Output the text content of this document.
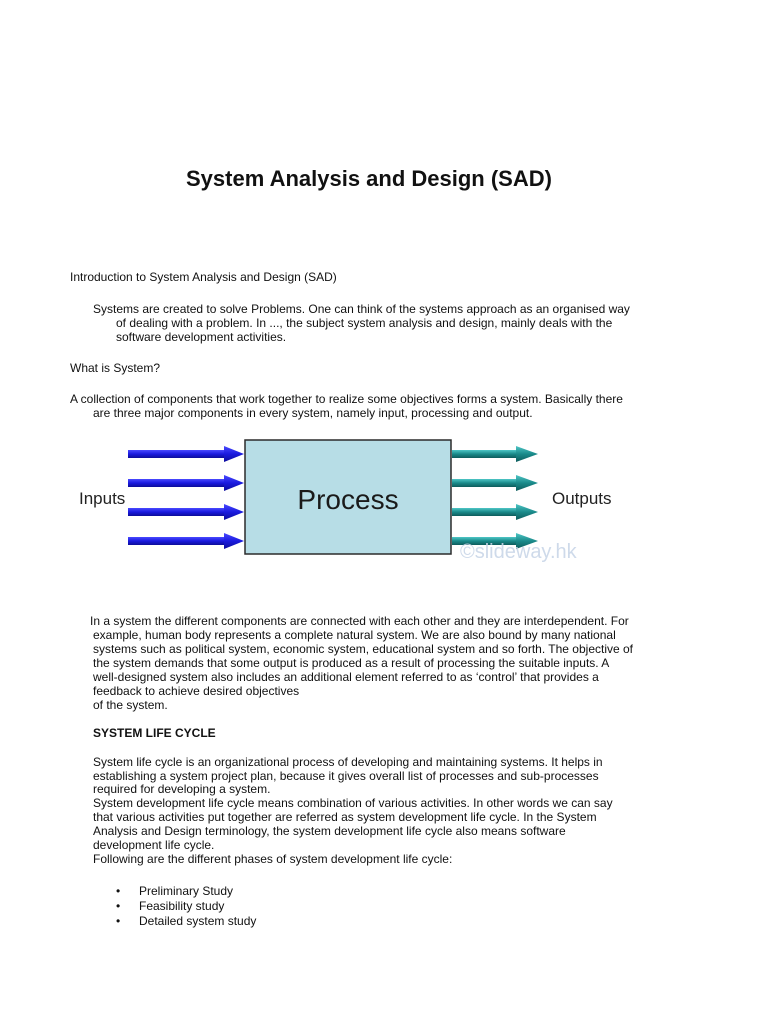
System Analysis and Design (SAD)
Introduction to System Analysis and Design (SAD)
Systems are created to solve Problems. One can think of the systems approach as an organised way
of dealing with a problem. In ..., the subject system analysis and design, mainly deals with the
software development activities.
What is System?
A collection of components that work together to realize some objectives forms a system. Basically there
are three major components in every system, namely input, processing and output.
Inputs	Process	Outputs
©slideway.hk
In a system the different components are connected with each other and they are interdependent. For
example, human body represents a complete natural system. We are also bound by many national
systems such as political system, economic system, educational system and so forth. The objective of
the system demands that some output is produced as a result of processing the suitable inputs. A
well-designed system also includes an additional element referred to as ‘control’ that provides a
feedback to achieve desired objectives
of the system.
SYSTEM LIFE CYCLE
System life cycle is an organizational process of developing and maintaining systems. It helps in
establishing a system project plan, because it gives overall list of processes and sub-processes
required for developing a system.
System development life cycle means combination of various activities. In other words we can say
that various activities put together are referred as system development life cycle. In the System
Analysis and Design terminology, the system development life cycle also means software
development life cycle.
Following are the different phases of system development life cycle:
• Preliminary Study
• Feasibility study
• Detailed system study
